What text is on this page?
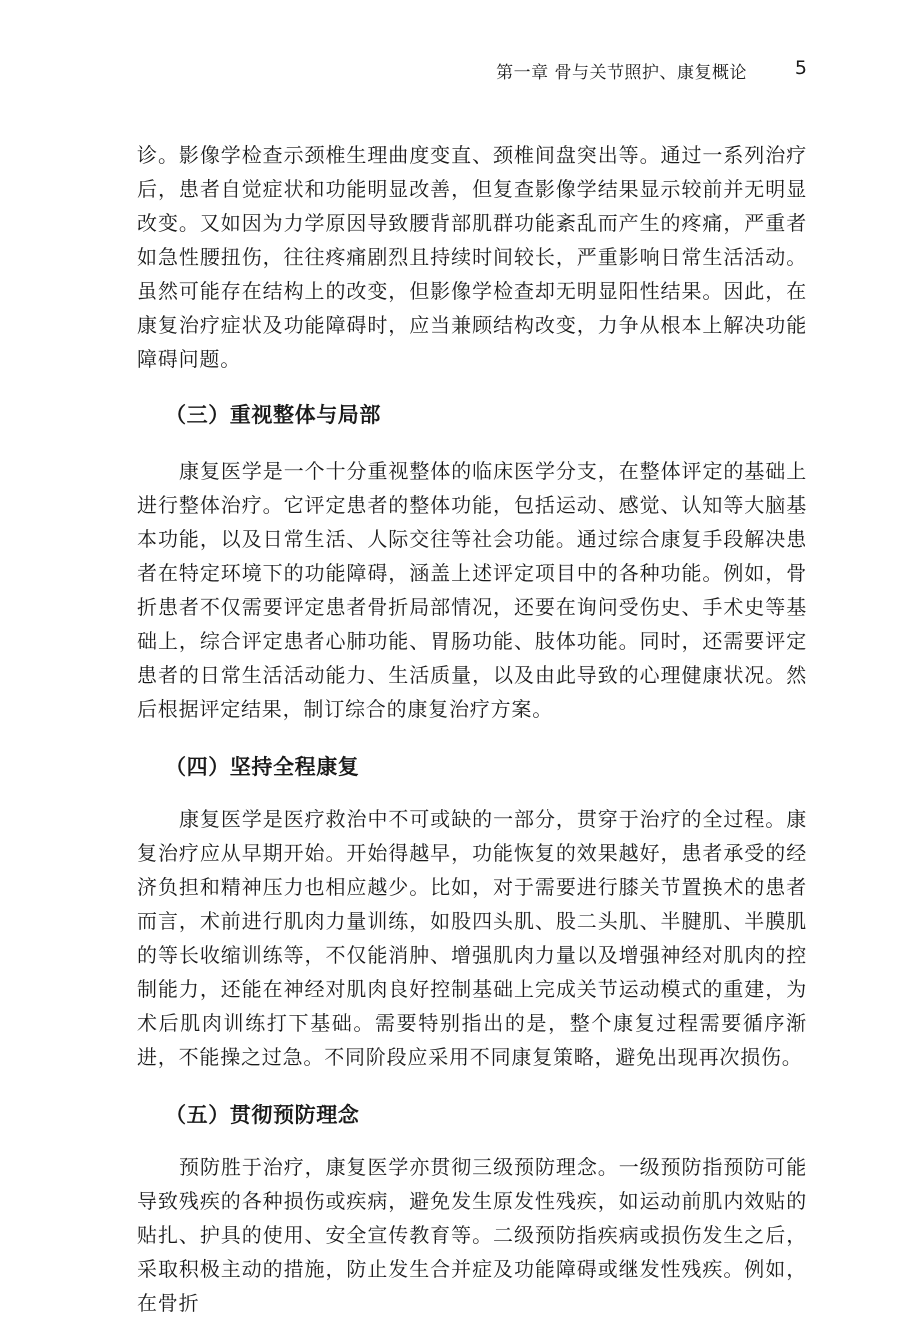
第一章 骨与关节照护、康复概论	5

诊。影像学检查示颈椎生理曲度变直、颈椎间盘突出等。通过一系列治疗后，患者自觉症状和功能明显改善，但复查影像学结果显示较前并无明显改变。又如因为力学原因导致腰背部肌群功能紊乱而产生的疼痛，严重者如急性腰扭伤，往往疼痛剧烈且持续时间较长，严重影响日常生活活动。虽然可能存在结构上的改变，但影像学检查却无明显阳性结果。因此，在康复治疗症状及功能障碍时，应当兼顾结构改变，力争从根本上解决功能障碍问题。

（三）重视整体与局部

康复医学是一个十分重视整体的临床医学分支，在整体评定的基础上进行整体治疗。它评定患者的整体功能，包括运动、感觉、认知等大脑基本功能，以及日常生活、人际交往等社会功能。通过综合康复手段解决患者在特定环境下的功能障碍，涵盖上述评定项目中的各种功能。例如，骨折患者不仅需要评定患者骨折局部情况，还要在询问受伤史、手术史等基础上，综合评定患者心肺功能、胃肠功能、肢体功能。同时，还需要评定患者的日常生活活动能力、生活质量，以及由此导致的心理健康状况。然后根据评定结果，制订综合的康复治疗方案。

（四）坚持全程康复

康复医学是医疗救治中不可或缺的一部分，贯穿于治疗的全过程。康复治疗应从早期开始。开始得越早，功能恢复的效果越好，患者承受的经济负担和精神压力也相应越少。比如，对于需要进行膝关节置换术的患者而言，术前进行肌肉力量训练，如股四头肌、股二头肌、半腱肌、半膜肌的等长收缩训练等，不仅能消肿、增强肌肉力量以及增强神经对肌肉的控制能力，还能在神经对肌肉良好控制基础上完成关节运动模式的重建，为术后肌肉训练打下基础。需要特别指出的是，整个康复过程需要循序渐进，不能操之过急。不同阶段应采用不同康复策略，避免出现再次损伤。

（五）贯彻预防理念

预防胜于治疗，康复医学亦贯彻三级预防理念。一级预防指预防可能导致残疾的各种损伤或疾病，避免发生原发性残疾，如运动前肌内效贴的贴扎、护具的使用、安全宣传教育等。二级预防指疾病或损伤发生之后，采取积极主动的措施，防止发生合并症及功能障碍或继发性残疾。例如，在骨折
